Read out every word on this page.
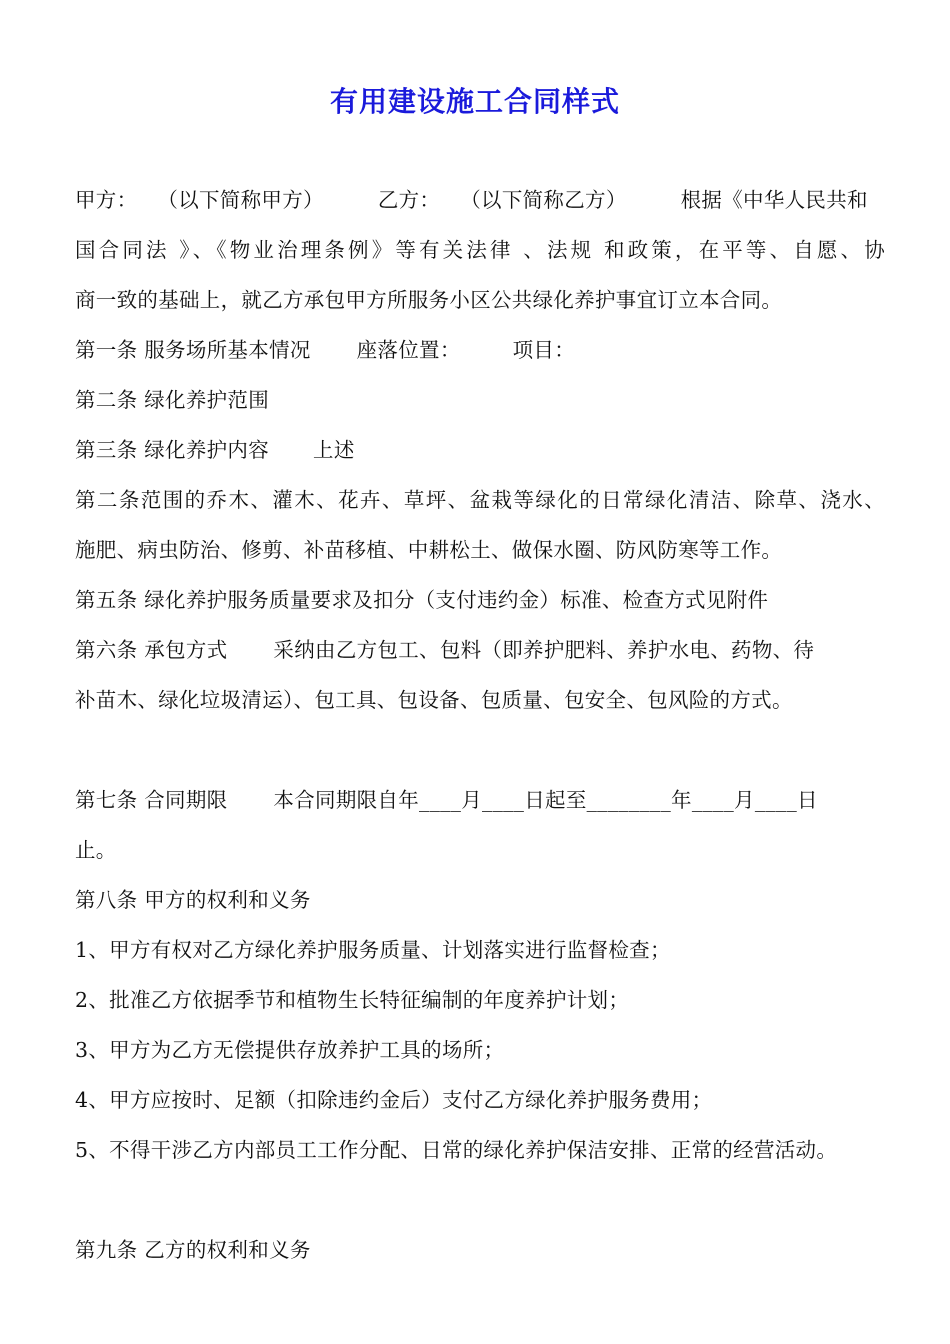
有用建设施工合同样式
甲方： （以下简称甲方）	乙方： （以下简称乙方）	根据《中华人民共和
国合同法 》、《物业治理条例》等有关法律 、法规 和政策，在平等、自愿、协
商一致的基础上，就乙方承包甲方所服务小区公共绿化养护事宜订立本合同。
第一条 服务场所基本情况 座落位置：	项目：
第二条 绿化养护范围
第三条 绿化养护内容 上述
第二条范围的乔木、灌木、花卉、草坪、盆栽等绿化的日常绿化清洁、除草、浇水、
施肥、病虫防治、修剪、补苗移植、中耕松土、做保水圈、防风防寒等工作。
第五条 绿化养护服务质量要求及扣分（支付违约金）标准、检查方式见附件
第六条 承包方式 采纳由乙方包工、包料（即养护肥料、养护水电、药物、待
补苗木、绿化垃圾清运）、包工具、包设备、包质量、包安全、包风险的方式。
第七条 合同期限 本合同期限自年____月____日起至________年____月____日
止。
第八条 甲方的权利和义务
1、甲方有权对乙方绿化养护服务质量、计划落实进行监督检查；
2、批准乙方依据季节和植物生长特征编制的年度养护计划；
3、甲方为乙方无偿提供存放养护工具的场所；
4、甲方应按时、足额（扣除违约金后）支付乙方绿化养护服务费用；
5、不得干涉乙方内部员工工作分配、日常的绿化养护保洁安排、正常的经营活动。
第九条 乙方的权利和义务
